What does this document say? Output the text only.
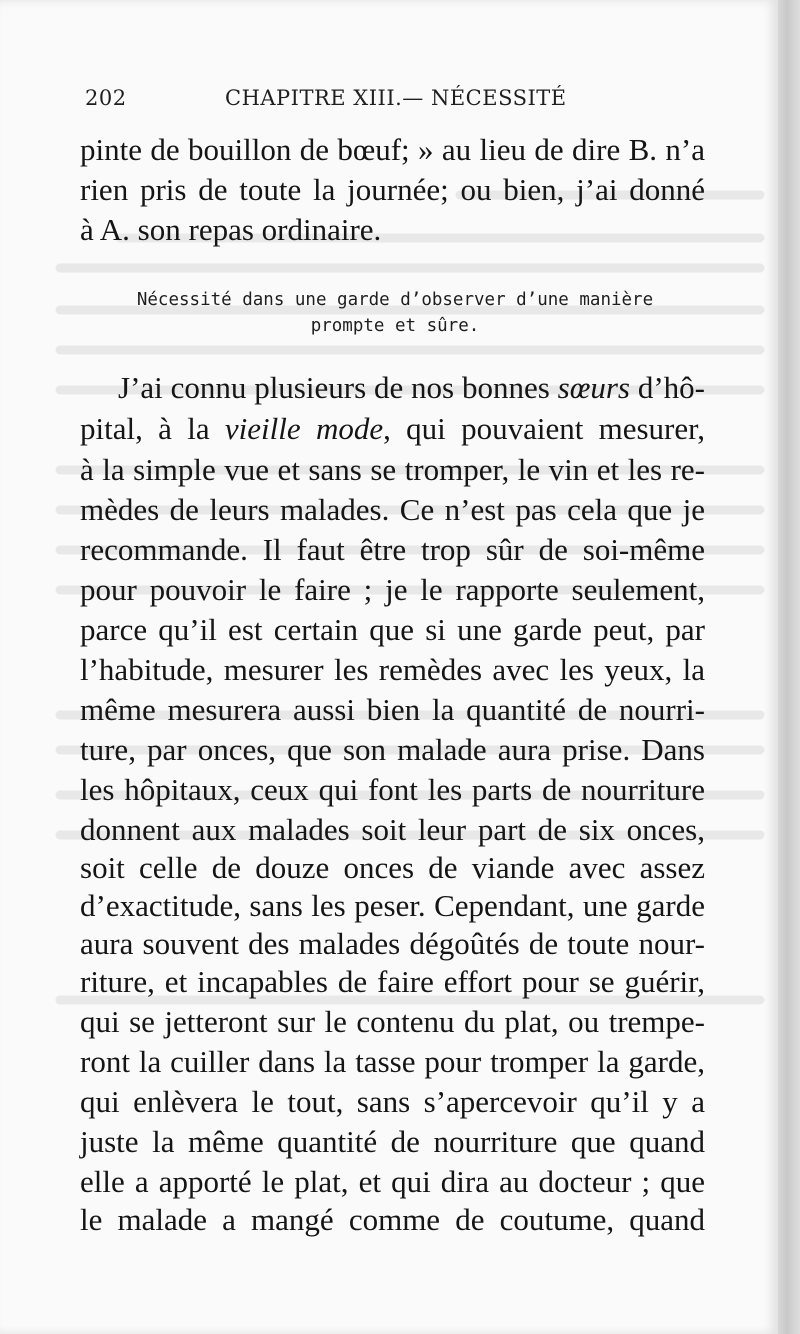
202	CHAPITRE XIII.— NÉCESSITÉ
pinte de bouillon de bœuf; » au lieu de dire B. n’a
rien pris de toute la journée; ou bien, j’ai donné
à A. son repas ordinaire.
Nécessité dans une garde d’observer d’une manière
prompte et sûre.
J’ai connu plusieurs de nos bonnes sœurs d’hô-
pital, à la vieille mode, qui pouvaient mesurer,
à la simple vue et sans se tromper, le vin et les re-
mèdes de leurs malades. Ce n’est pas cela que je
recommande. Il faut être trop sûr de soi-même
pour pouvoir le faire ; je le rapporte seulement,
parce qu’il est certain que si une garde peut, par
l’habitude, mesurer les remèdes avec les yeux, la
même mesurera aussi bien la quantité de nourri-
ture, par onces, que son malade aura prise. Dans
les hôpitaux, ceux qui font les parts de nourriture
donnent aux malades soit leur part de six onces,
soit celle de douze onces de viande avec assez
d’exactitude, sans les peser. Cependant, une garde
aura souvent des malades dégoûtés de toute nour-
riture, et incapables de faire effort pour se guérir,
qui se jetteront sur le contenu du plat, ou trempe-
ront la cuiller dans la tasse pour tromper la garde,
qui enlèvera le tout, sans s’apercevoir qu’il y a
juste la même quantité de nourriture que quand
elle a apporté le plat, et qui dira au docteur ; que
le malade a mangé comme de coutume, quand
